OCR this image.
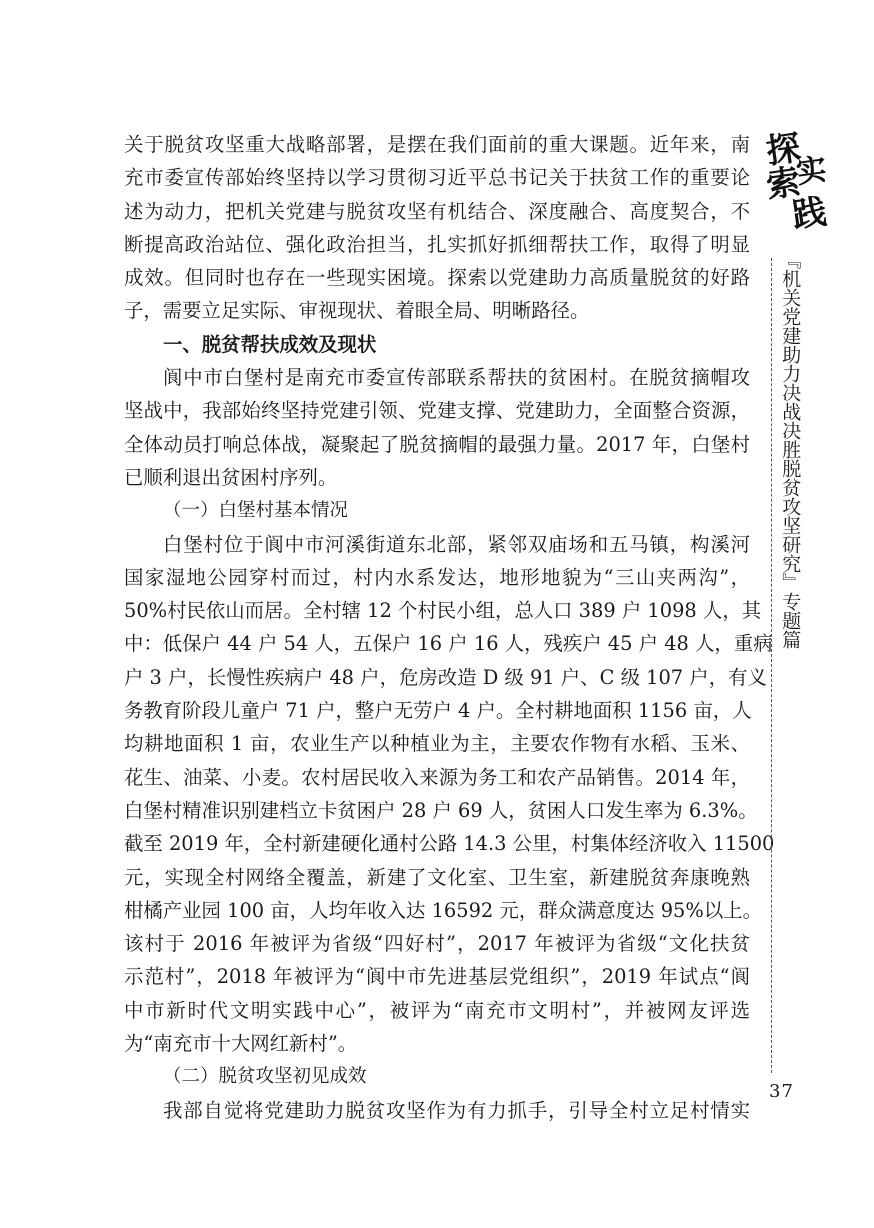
关于脱贫攻坚重大战略部署，是摆在我们面前的重大课题。近年来，南
充市委宣传部始终坚持以学习贯彻习近平总书记关于扶贫工作的重要论
述为动力，把机关党建与脱贫攻坚有机结合、深度融合、高度契合，不
断提高政治站位、强化政治担当，扎实抓好抓细帮扶工作，取得了明显
成效。但同时也存在一些现实困境。探索以党建助力高质量脱贫的好路
子，需要立足实际、审视现状、着眼全局、明晰路径。
一、脱贫帮扶成效及现状
阆中市白堡村是南充市委宣传部联系帮扶的贫困村。在脱贫摘帽攻
坚战中，我部始终坚持党建引领、党建支撑、党建助力，全面整合资源，
全体动员打响总体战，凝聚起了脱贫摘帽的最强力量。2017 年，白堡村
已顺利退出贫困村序列。
（一）白堡村基本情况
白堡村位于阆中市河溪街道东北部，紧邻双庙场和五马镇，构溪河
国家湿地公园穿村而过，村内水系发达，地形地貌为“三山夹两沟”，
50%村民依山而居。全村辖 12 个村民小组，总人口 389 户 1098 人，其
中：低保户 44 户 54 人，五保户 16 户 16 人，残疾户 45 户 48 人，重病
户 3 户，长慢性疾病户 48 户，危房改造 D 级 91 户、C 级 107 户，有义
务教育阶段儿童户 71 户，整户无劳户 4 户。全村耕地面积 1156 亩，人
均耕地面积 1 亩，农业生产以种植业为主，主要农作物有水稻、玉米、
花生、油菜、小麦。农村居民收入来源为务工和农产品销售。2014 年，
白堡村精准识别建档立卡贫困户 28 户 69 人，贫困人口发生率为 6.3%。
截至 2019 年，全村新建硬化通村公路 14.3 公里，村集体经济收入 11500
元，实现全村网络全覆盖，新建了文化室、卫生室，新建脱贫奔康晚熟
柑橘产业园 100 亩，人均年收入达 16592 元，群众满意度达 95%以上。
该村于 2016 年被评为省级“四好村”，2017 年被评为省级“文化扶贫
示范村”，2018 年被评为“阆中市先进基层党组织”，2019 年试点“阆
中市新时代文明实践中心”，被评为“南充市文明村”，并被网友评选
为“南充市十大网红新村”。
（二）脱贫攻坚初见成效
我部自觉将党建助力脱贫攻坚作为有力抓手，引导全村立足村情实
探
索
实
践
『机关党建助力决战决胜脱贫攻坚研究』专题篇
37
